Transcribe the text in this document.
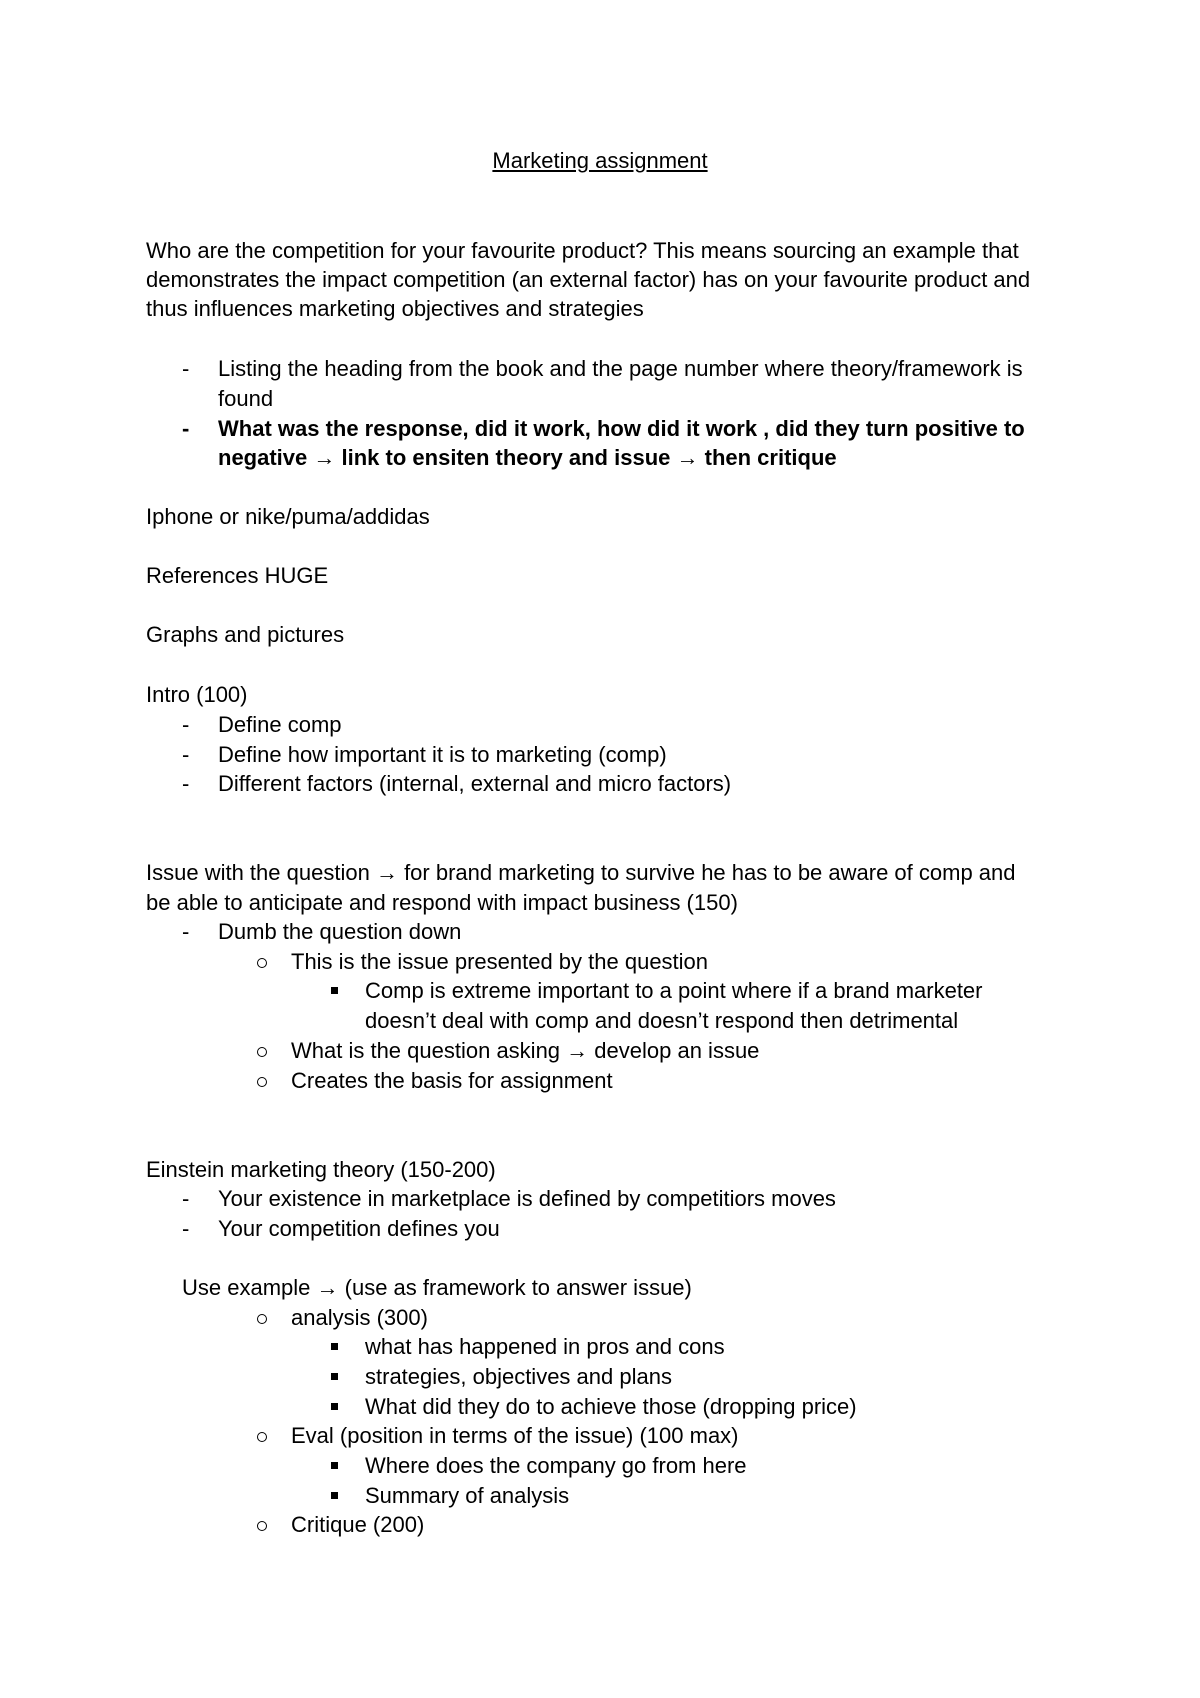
Marketing assignment
Who are the competition for your favourite product? This means sourcing an example that
demonstrates the impact competition (an external factor) has on your favourite product and
thus influences marketing objectives and strategies
-	Listing the heading from the book and the page number where theory/framework is
found
-	What was the response, did it work, how did it work , did they turn positive to
negative → link to ensiten theory and issue → then critique
Iphone or nike/puma/addidas
References HUGE
Graphs and pictures
Intro (100)
-	Define comp
-	Define how important it is to marketing (comp)
-	Different factors (internal, external and micro factors)
Issue with the question → for brand marketing to survive he has to be aware of comp and
be able to anticipate and respond with impact business (150)
-	Dumb the question down
This is the issue presented by the question
Comp is extreme important to a point where if a brand marketer
doesn’t deal with comp and doesn’t respond then detrimental
What is the question asking → develop an issue
Creates the basis for assignment
Einstein marketing theory (150-200)
-	Your existence in marketplace is defined by competitiors moves
-	Your competition defines you
Use example → (use as framework to answer issue)
analysis (300)
what has happened in pros and cons
strategies, objectives and plans
What did they do to achieve those (dropping price)
Eval (position in terms of the issue) (100 max)
Where does the company go from here
Summary of analysis
Critique (200)
